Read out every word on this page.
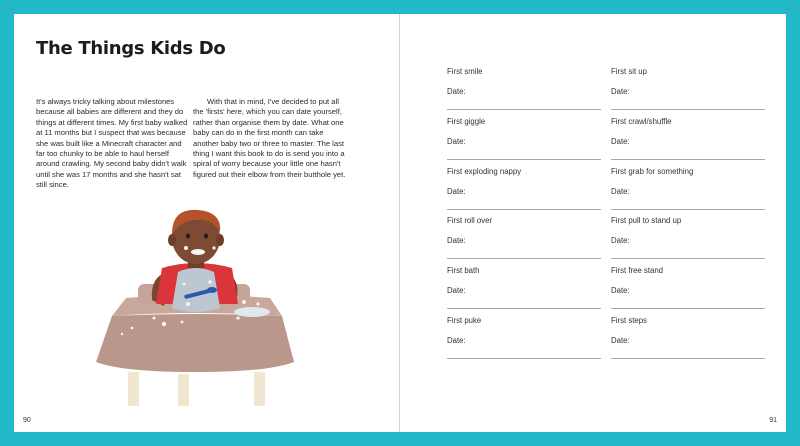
The Things Kids Do

It's always tricky talking about milestones because all babies are different and they do things at different times. My first baby walked at 11 months but I suspect that was because she was built like a Minecraft character and far too chunky to be able to haul herself around crawling. My second baby didn't walk until she was 17 months and she hasn't sat still since.

With that in mind, I've decided to put all the 'firsts' here, which you can date yourself, rather than organise them by date. What one baby can do in the first month can take another baby two or three to master. The last thing I want this book to do is send you into a spiral of worry because your little one hasn't figured out their elbow from their butthole yet.

90

First smile

Date:

First giggle

Date:

First exploding nappy

Date:

First roll over

Date:

First bath

Date:

First puke

Date:

First sit up

Date:

First crawl/shuffle

Date:

First grab for something

Date:

First pull to stand up

Date:

First free stand

Date:

First steps

Date:

91
